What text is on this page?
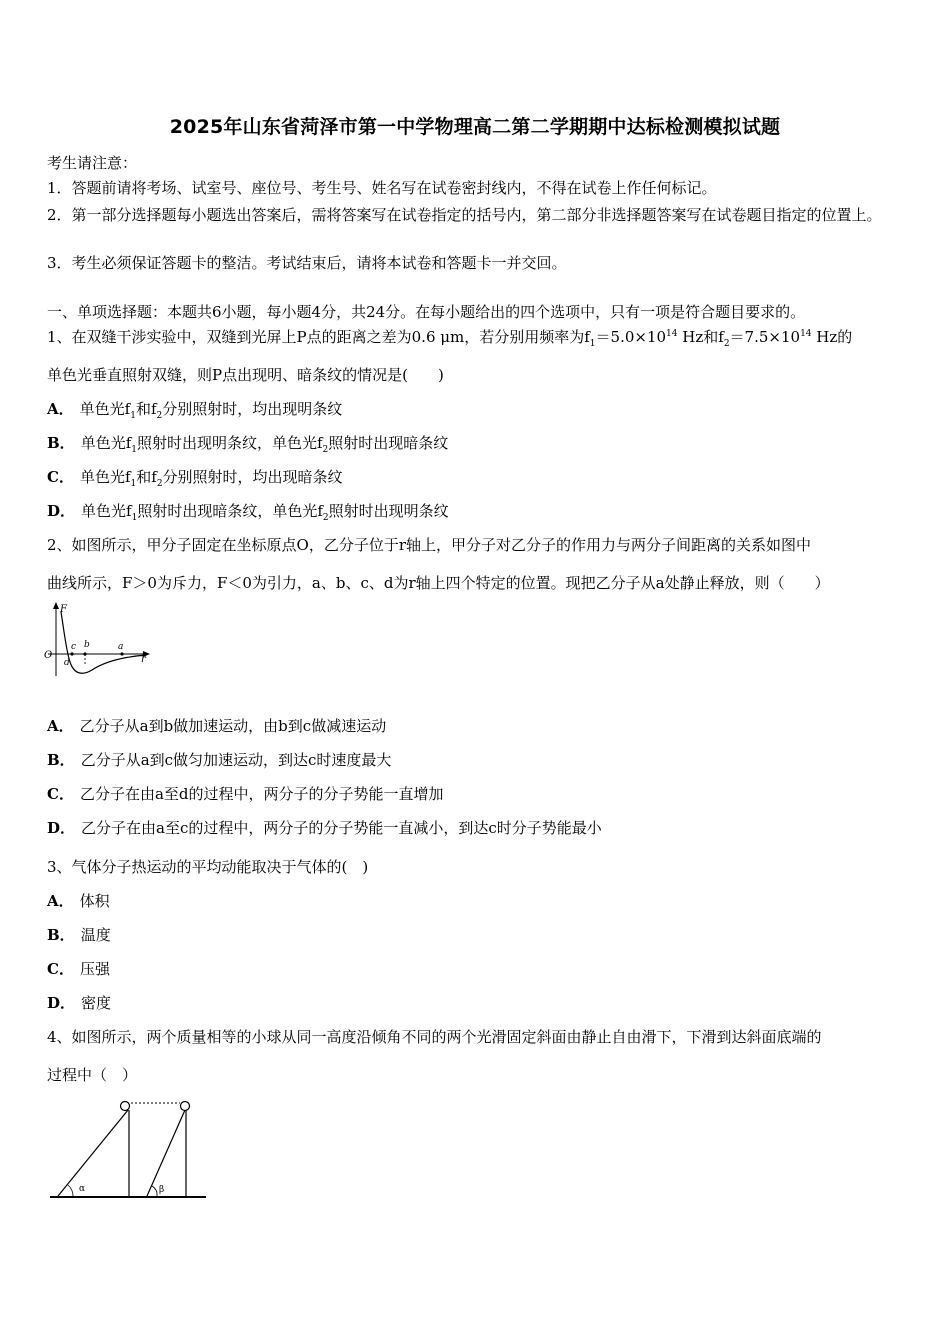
2025年山东省菏泽市第一中学物理高二第二学期期中达标检测模拟试题
考生请注意：
1．答题前请将考场、试室号、座位号、考生号、姓名写在试卷密封线内，不得在试卷上作任何标记。
2．第一部分选择题每小题选出答案后，需将答案写在试卷指定的括号内，第二部分非选择题答案写在试卷题目指定的位置上。
3．考生必须保证答题卡的整洁。考试结束后，请将本试卷和答题卡一并交回。
一、单项选择题：本题共6小题，每小题4分，共24分。在每小题给出的四个选项中，只有一项是符合题目要求的。
1、在双缝干涉实验中，双缝到光屏上P点的距离之差为0.6 μm，若分别用频率为$f_1=5.0\times 10^{14}$ Hz和$f_2=7.5\times 10^{14}$ Hz的
单色光垂直照射双缝，则P点出现明、暗条纹的情况是(　　)
A． 单色光$f_1$和$f_2$分别照射时，均出现明条纹
B． 单色光$f_1$照射时出现明条纹，单色光$f_2$照射时出现暗条纹
C． 单色光$f_1$和$f_2$分别照射时，均出现暗条纹
D． 单色光$f_1$照射时出现暗条纹，单色光$f_2$照射时出现明条纹
2、如图所示，甲分子固定在坐标原点O，乙分子位于r轴上，甲分子对乙分子的作用力与两分子间距离的关系如图中
曲线所示，F＞0为斥力，F＜0为引力，a、b、c、d为r轴上四个特定的位置。现把乙分子从a处静止释放，则（　　）
F
O	r
d
c b	a
A． 乙分子从a到b做加速运动，由b到c做减速运动
B． 乙分子从a到c做匀加速运动，到达c时速度最大
C． 乙分子在由a至d的过程中，两分子的分子势能一直增加
D． 乙分子在由a至c的过程中，两分子的分子势能一直减小，到达c时分子势能最小
3、气体分子热运动的平均动能取决于气体的(　)
A． 体积
B． 温度
C． 压强
D． 密度
4、如图所示，两个质量相等的小球从同一高度沿倾角不同的两个光滑固定斜面由静止自由滑下，下滑到达斜面底端的
过程中（　）
α	β
